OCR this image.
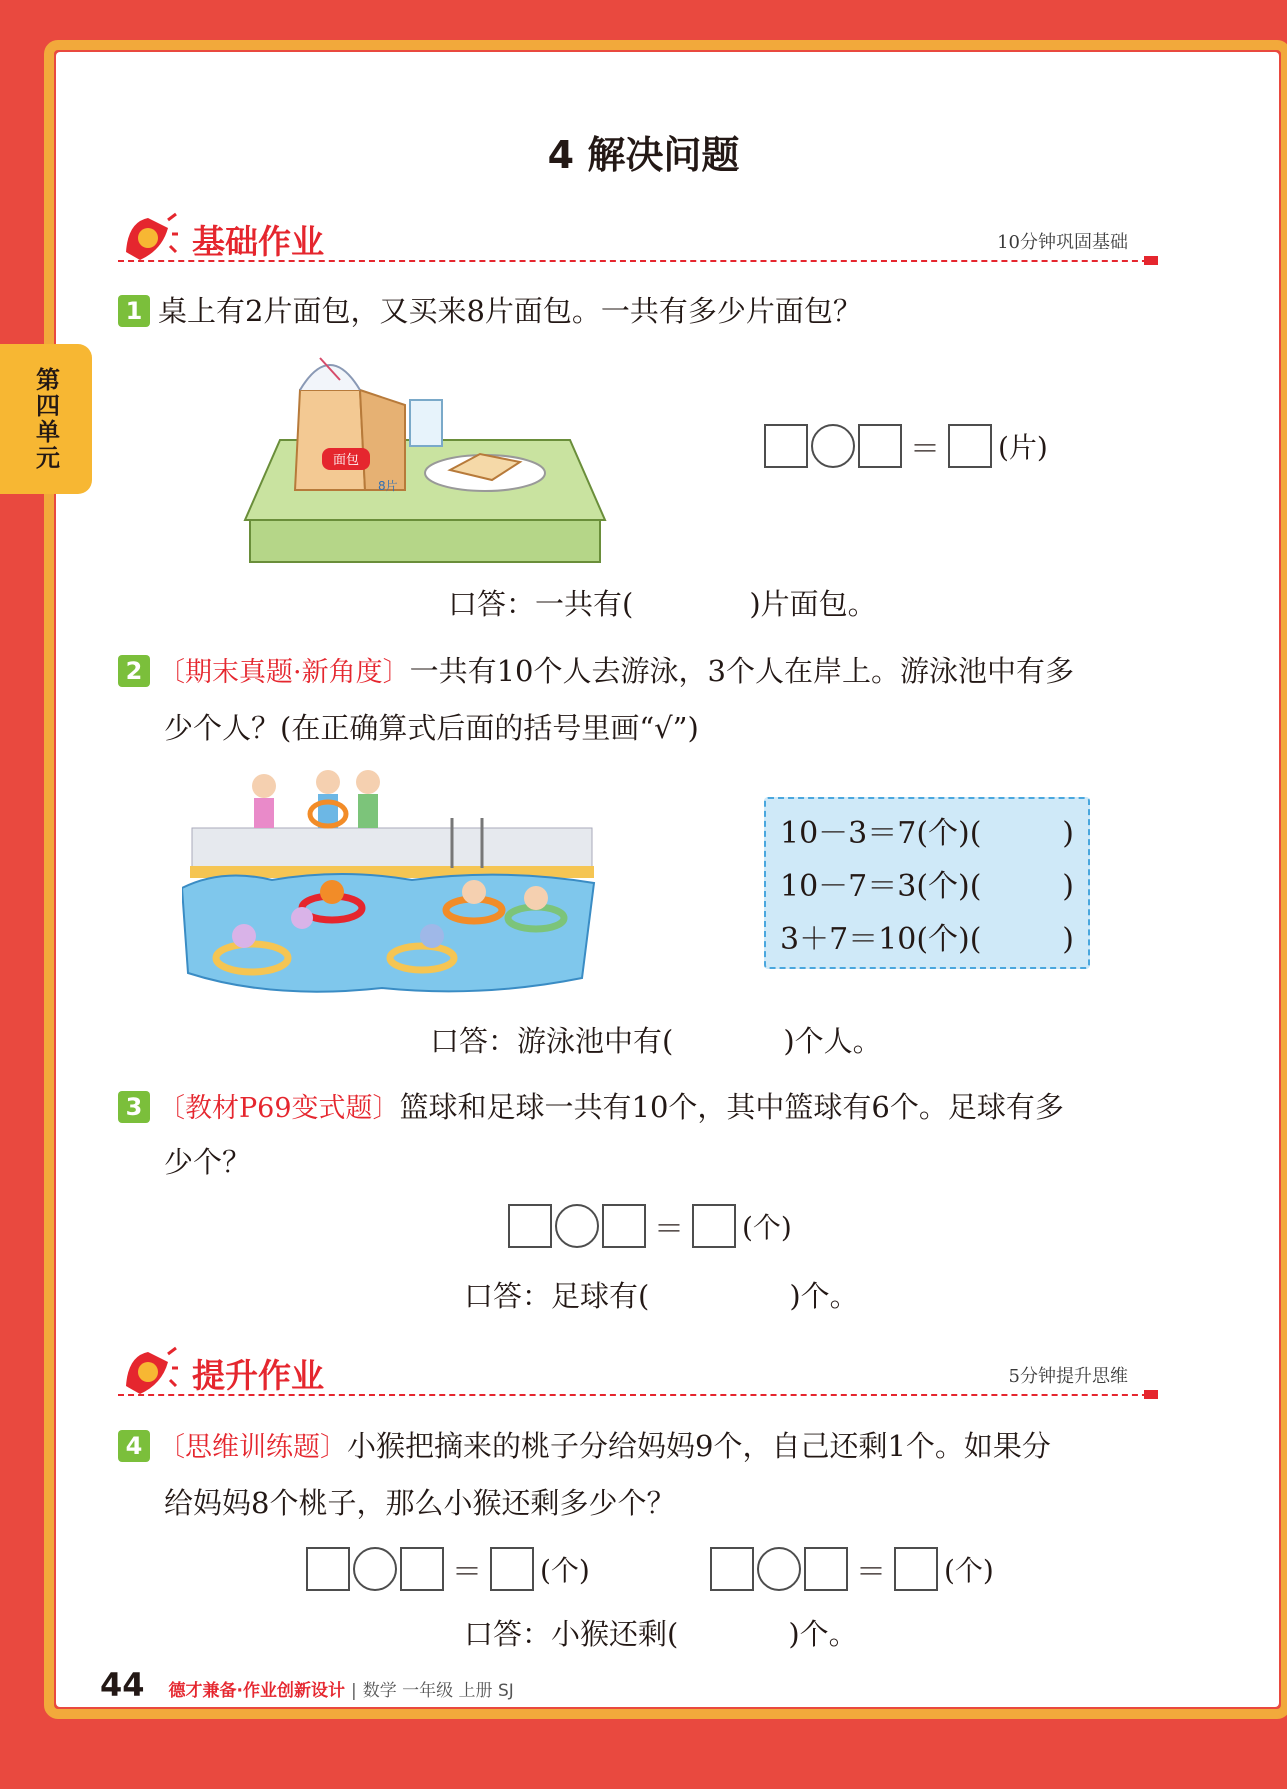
第四单元
4 解决问题
基础作业	10分钟巩固基础
1 桌上有2片面包，又买来8片面包。一共有多少片面包？
面包
8片
＝ (片)
口答：一共有(	)片面包。
2 〔期末真题·新角度〕一共有10个人去游泳，3个人在岸上。游泳池中有多
少个人？(在正确算式后面的括号里画“√”)
10－3＝7(个)(	)
10－7＝3(个)(	)
3＋7＝10(个)(	)
口答：游泳池中有(	)个人。
3 〔教材P69变式题〕篮球和足球一共有10个，其中篮球有6个。足球有多
少个？
＝ (个)
口答：足球有(	)个。
提升作业	5分钟提升思维
4 〔思维训练题〕小猴把摘来的桃子分给妈妈9个，自己还剩1个。如果分
给妈妈8个桃子，那么小猴还剩多少个？
＝ (个)	＝ (个)
口答：小猴还剩(	)个。
44 德才兼备·作业创新设计 | 数学 一年级 上册 SJ
